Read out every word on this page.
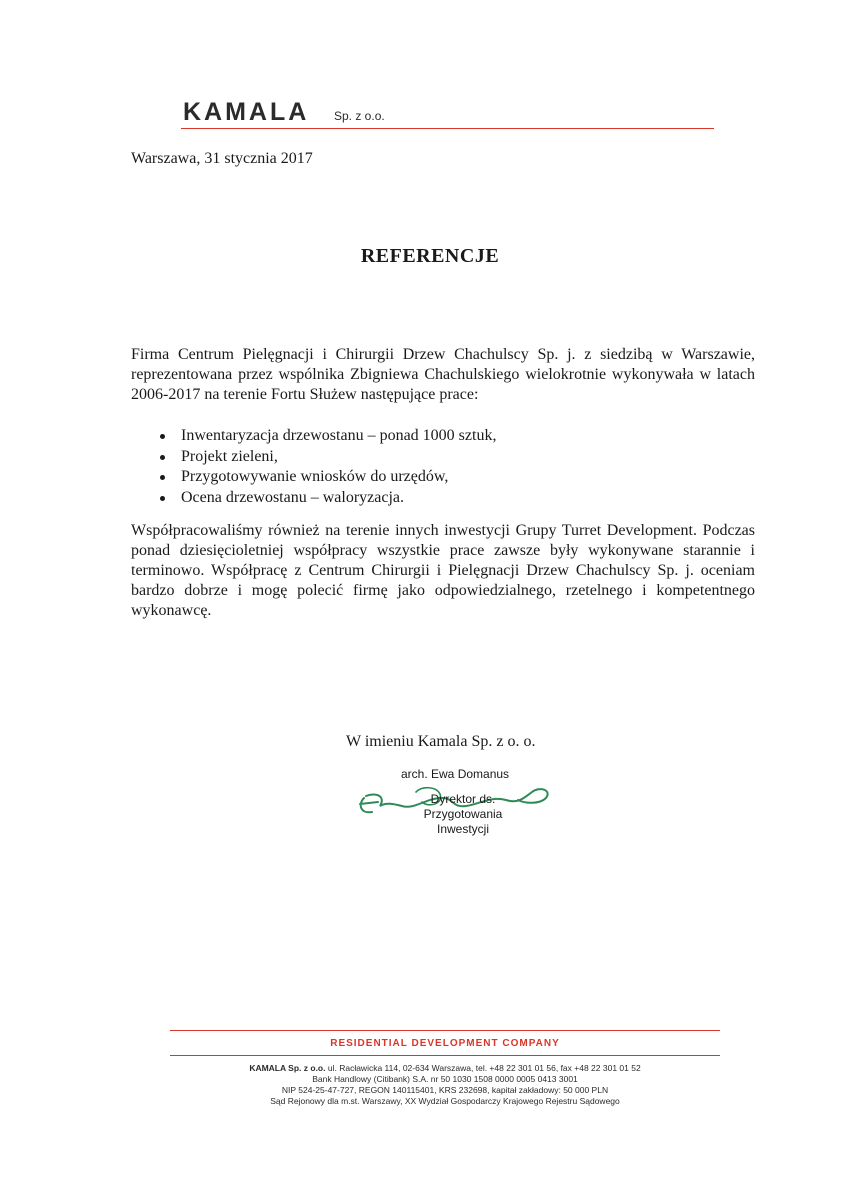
KAMALA Sp. z o.o.
Warszawa, 31 stycznia 2017
REFERENCJE
Firma Centrum Pielęgnacji i Chirurgii Drzew Chachulscy Sp. j. z siedzibą w Warszawie, reprezentowana przez wspólnika Zbigniewa Chachulskiego wielokrotnie wykonywała w latach 2006-2017 na terenie Fortu Służew następujące prace:
Inwentaryzacja drzewostanu – ponad 1000 sztuk,
Projekt zieleni,
Przygotowywanie wniosków do urzędów,
Ocena drzewostanu – waloryzacja.
Współpracowaliśmy również na terenie innych inwestycji Grupy Turret Development. Podczas ponad dziesięcioletniej współpracy wszystkie prace zawsze były wykonywane starannie i terminowo. Współpracę z Centrum Chirurgii i Pielęgnacji Drzew Chachulscy Sp. j. oceniam bardzo dobrze i mogę polecić firmę jako odpowiedzialnego, rzetelnego i kompetentnego wykonawcę.
W imieniu Kamala Sp. z o. o.
arch. Ewa Domanus
Dyrektor ds. Przygotowania
Inwestycji
RESIDENTIAL DEVELOPMENT COMPANY
KAMALA Sp. z o.o. ul. Racławicka 114, 02-634 Warszawa, tel. +48 22 301 01 56, fax +48 22 301 01 52
Bank Handlowy (Citibank) S.A. nr 50 1030 1508 0000 0005 0413 3001
NIP 524-25-47-727, REGON 140115401, KRS 232698, kapitał zakładowy: 50 000 PLN
Sąd Rejonowy dla m.st. Warszawy, XX Wydział Gospodarczy Krajowego Rejestru Sądowego
